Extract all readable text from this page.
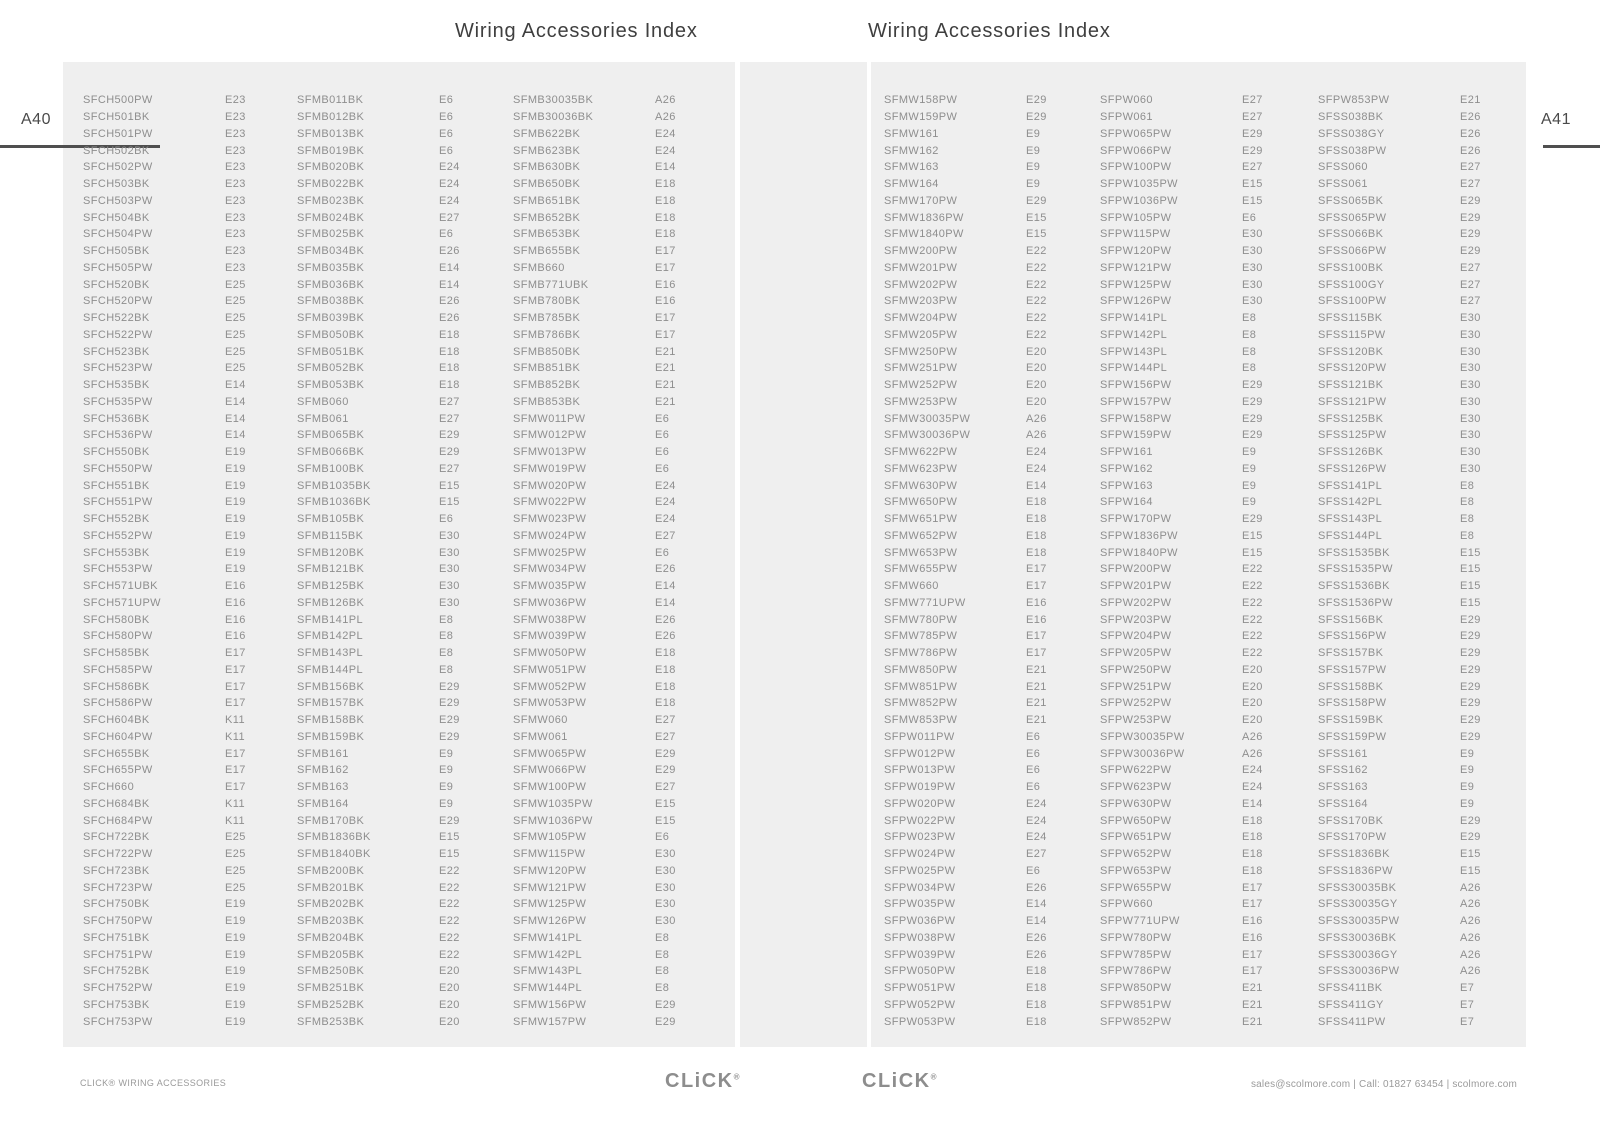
Wiring Accessories Index	Wiring Accessories Index
A40	A41
SFCH500PW	E23
SFCH501BK	E23
SFCH501PW	E23
SFCH502BK	E23
SFCH502PW	E23
SFCH503BK	E23
SFCH503PW	E23
SFCH504BK	E23
SFCH504PW	E23
SFCH505BK	E23
SFCH505PW	E23
SFCH520BK	E25
SFCH520PW	E25
SFCH522BK	E25
SFCH522PW	E25
SFCH523BK	E25
SFCH523PW	E25
SFCH535BK	E14
SFCH535PW	E14
SFCH536BK	E14
SFCH536PW	E14
SFCH550BK	E19
SFCH550PW	E19
SFCH551BK	E19
SFCH551PW	E19
SFCH552BK	E19
SFCH552PW	E19
SFCH553BK	E19
SFCH553PW	E19
SFCH571UBK	E16
SFCH571UPW	E16
SFCH580BK	E16
SFCH580PW	E16
SFCH585BK	E17
SFCH585PW	E17
SFCH586BK	E17
SFCH586PW	E17
SFCH604BK	K11
SFCH604PW	K11
SFCH655BK	E17
SFCH655PW	E17
SFCH660	E17
SFCH684BK	K11
SFCH684PW	K11
SFCH722BK	E25
SFCH722PW	E25
SFCH723BK	E25
SFCH723PW	E25
SFCH750BK	E19
SFCH750PW	E19
SFCH751BK	E19
SFCH751PW	E19
SFCH752BK	E19
SFCH752PW	E19
SFCH753BK	E19
SFCH753PW	E19
SFMB011BK	E6
SFMB012BK	E6
SFMB013BK	E6
SFMB019BK	E6
SFMB020BK	E24
SFMB022BK	E24
SFMB023BK	E24
SFMB024BK	E27
SFMB025BK	E6
SFMB034BK	E26
SFMB035BK	E14
SFMB036BK	E14
SFMB038BK	E26
SFMB039BK	E26
SFMB050BK	E18
SFMB051BK	E18
SFMB052BK	E18
SFMB053BK	E18
SFMB060	E27
SFMB061	E27
SFMB065BK	E29
SFMB066BK	E29
SFMB100BK	E27
SFMB1035BK	E15
SFMB1036BK	E15
SFMB105BK	E6
SFMB115BK	E30
SFMB120BK	E30
SFMB121BK	E30
SFMB125BK	E30
SFMB126BK	E30
SFMB141PL	E8
SFMB142PL	E8
SFMB143PL	E8
SFMB144PL	E8
SFMB156BK	E29
SFMB157BK	E29
SFMB158BK	E29
SFMB159BK	E29
SFMB161	E9
SFMB162	E9
SFMB163	E9
SFMB164	E9
SFMB170BK	E29
SFMB1836BK	E15
SFMB1840BK	E15
SFMB200BK	E22
SFMB201BK	E22
SFMB202BK	E22
SFMB203BK	E22
SFMB204BK	E22
SFMB205BK	E22
SFMB250BK	E20
SFMB251BK	E20
SFMB252BK	E20
SFMB253BK	E20
SFMB30035BK	A26
SFMB30036BK	A26
SFMB622BK	E24
SFMB623BK	E24
SFMB630BK	E14
SFMB650BK	E18
SFMB651BK	E18
SFMB652BK	E18
SFMB653BK	E18
SFMB655BK	E17
SFMB660	E17
SFMB771UBK	E16
SFMB780BK	E16
SFMB785BK	E17
SFMB786BK	E17
SFMB850BK	E21
SFMB851BK	E21
SFMB852BK	E21
SFMB853BK	E21
SFMW011PW	E6
SFMW012PW	E6
SFMW013PW	E6
SFMW019PW	E6
SFMW020PW	E24
SFMW022PW	E24
SFMW023PW	E24
SFMW024PW	E27
SFMW025PW	E6
SFMW034PW	E26
SFMW035PW	E14
SFMW036PW	E14
SFMW038PW	E26
SFMW039PW	E26
SFMW050PW	E18
SFMW051PW	E18
SFMW052PW	E18
SFMW053PW	E18
SFMW060	E27
SFMW061	E27
SFMW065PW	E29
SFMW066PW	E29
SFMW100PW	E27
SFMW1035PW	E15
SFMW1036PW	E15
SFMW105PW	E6
SFMW115PW	E30
SFMW120PW	E30
SFMW121PW	E30
SFMW125PW	E30
SFMW126PW	E30
SFMW141PL	E8
SFMW142PL	E8
SFMW143PL	E8
SFMW144PL	E8
SFMW156PW	E29
SFMW157PW	E29
SFMW158PW	E29
SFMW159PW	E29
SFMW161	E9
SFMW162	E9
SFMW163	E9
SFMW164	E9
SFMW170PW	E29
SFMW1836PW	E15
SFMW1840PW	E15
SFMW200PW	E22
SFMW201PW	E22
SFMW202PW	E22
SFMW203PW	E22
SFMW204PW	E22
SFMW205PW	E22
SFMW250PW	E20
SFMW251PW	E20
SFMW252PW	E20
SFMW253PW	E20
SFMW30035PW	A26
SFMW30036PW	A26
SFMW622PW	E24
SFMW623PW	E24
SFMW630PW	E14
SFMW650PW	E18
SFMW651PW	E18
SFMW652PW	E18
SFMW653PW	E18
SFMW655PW	E17
SFMW660	E17
SFMW771UPW	E16
SFMW780PW	E16
SFMW785PW	E17
SFMW786PW	E17
SFMW850PW	E21
SFMW851PW	E21
SFMW852PW	E21
SFMW853PW	E21
SFPW011PW	E6
SFPW012PW	E6
SFPW013PW	E6
SFPW019PW	E6
SFPW020PW	E24
SFPW022PW	E24
SFPW023PW	E24
SFPW024PW	E27
SFPW025PW	E6
SFPW034PW	E26
SFPW035PW	E14
SFPW036PW	E14
SFPW038PW	E26
SFPW039PW	E26
SFPW050PW	E18
SFPW051PW	E18
SFPW052PW	E18
SFPW053PW	E18
SFPW060	E27
SFPW061	E27
SFPW065PW	E29
SFPW066PW	E29
SFPW100PW	E27
SFPW1035PW	E15
SFPW1036PW	E15
SFPW105PW	E6
SFPW115PW	E30
SFPW120PW	E30
SFPW121PW	E30
SFPW125PW	E30
SFPW126PW	E30
SFPW141PL	E8
SFPW142PL	E8
SFPW143PL	E8
SFPW144PL	E8
SFPW156PW	E29
SFPW157PW	E29
SFPW158PW	E29
SFPW159PW	E29
SFPW161	E9
SFPW162	E9
SFPW163	E9
SFPW164	E9
SFPW170PW	E29
SFPW1836PW	E15
SFPW1840PW	E15
SFPW200PW	E22
SFPW201PW	E22
SFPW202PW	E22
SFPW203PW	E22
SFPW204PW	E22
SFPW205PW	E22
SFPW250PW	E20
SFPW251PW	E20
SFPW252PW	E20
SFPW253PW	E20
SFPW30035PW	A26
SFPW30036PW	A26
SFPW622PW	E24
SFPW623PW	E24
SFPW630PW	E14
SFPW650PW	E18
SFPW651PW	E18
SFPW652PW	E18
SFPW653PW	E18
SFPW655PW	E17
SFPW660	E17
SFPW771UPW	E16
SFPW780PW	E16
SFPW785PW	E17
SFPW786PW	E17
SFPW850PW	E21
SFPW851PW	E21
SFPW852PW	E21
SFPW853PW	E21
SFSS038BK	E26
SFSS038GY	E26
SFSS038PW	E26
SFSS060	E27
SFSS061	E27
SFSS065BK	E29
SFSS065PW	E29
SFSS066BK	E29
SFSS066PW	E29
SFSS100BK	E27
SFSS100GY	E27
SFSS100PW	E27
SFSS115BK	E30
SFSS115PW	E30
SFSS120BK	E30
SFSS120PW	E30
SFSS121BK	E30
SFSS121PW	E30
SFSS125BK	E30
SFSS125PW	E30
SFSS126BK	E30
SFSS126PW	E30
SFSS141PL	E8
SFSS142PL	E8
SFSS143PL	E8
SFSS144PL	E8
SFSS1535BK	E15
SFSS1535PW	E15
SFSS1536BK	E15
SFSS1536PW	E15
SFSS156BK	E29
SFSS156PW	E29
SFSS157BK	E29
SFSS157PW	E29
SFSS158BK	E29
SFSS158PW	E29
SFSS159BK	E29
SFSS159PW	E29
SFSS161	E9
SFSS162	E9
SFSS163	E9
SFSS164	E9
SFSS170BK	E29
SFSS170PW	E29
SFSS1836BK	E15
SFSS1836PW	E15
SFSS30035BK	A26
SFSS30035GY	A26
SFSS30035PW	A26
SFSS30036BK	A26
SFSS30036GY	A26
SFSS30036PW	A26
SFSS411BK	E7
SFSS411GY	E7
SFSS411PW	E7
CLICK® WIRING ACCESSORIES	CLiCK®	CLiCK®
sales@scolmore.com | Call: 01827 63454 | scolmore.com
